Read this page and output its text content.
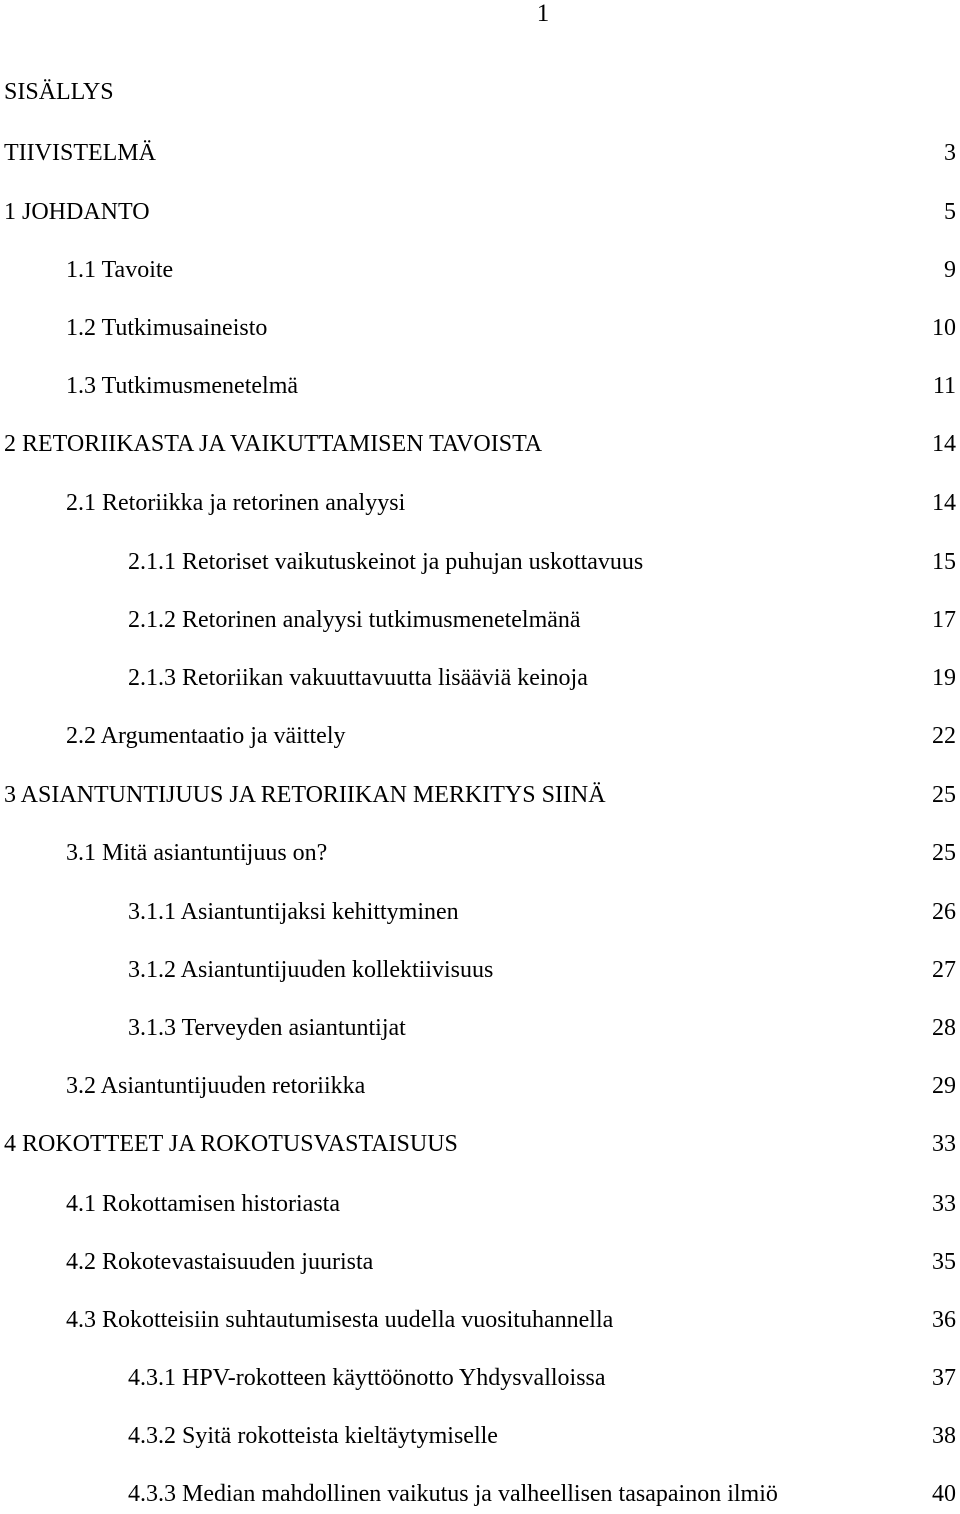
1
SISÄLLYS
TIIVISTELMÄ	3
1 JOHDANTO	5
1.1 Tavoite	9
1.2 Tutkimusaineisto	10
1.3 Tutkimusmenetelmä	11
2 RETORIIKASTA JA VAIKUTTAMISEN TAVOISTA	14
2.1 Retoriikka ja retorinen analyysi	14
2.1.1 Retoriset vaikutuskeinot ja puhujan uskottavuus	15
2.1.2 Retorinen analyysi tutkimusmenetelmänä	17
2.1.3 Retoriikan vakuuttavuutta lisääviä keinoja	19
2.2 Argumentaatio ja väittely	22
3 ASIANTUNTIJUUS JA RETORIIKAN MERKITYS SIINÄ	25
3.1 Mitä asiantuntijuus on?	25
3.1.1 Asiantuntijaksi kehittyminen	26
3.1.2 Asiantuntijuuden kollektiivisuus	27
3.1.3 Terveyden asiantuntijat	28
3.2 Asiantuntijuuden retoriikka	29
4 ROKOTTEET JA ROKOTUSVASTAISUUS	33
4.1 Rokottamisen historiasta	33
4.2 Rokotevastaisuuden juurista	35
4.3 Rokotteisiin suhtautumisesta uudella vuosituhannella	36
4.3.1 HPV-rokotteen käyttöönotto Yhdysvalloissa	37
4.3.2 Syitä rokotteista kieltäytymiselle	38
4.3.3 Median mahdollinen vaikutus ja valheellisen tasapainon ilmiö	40
